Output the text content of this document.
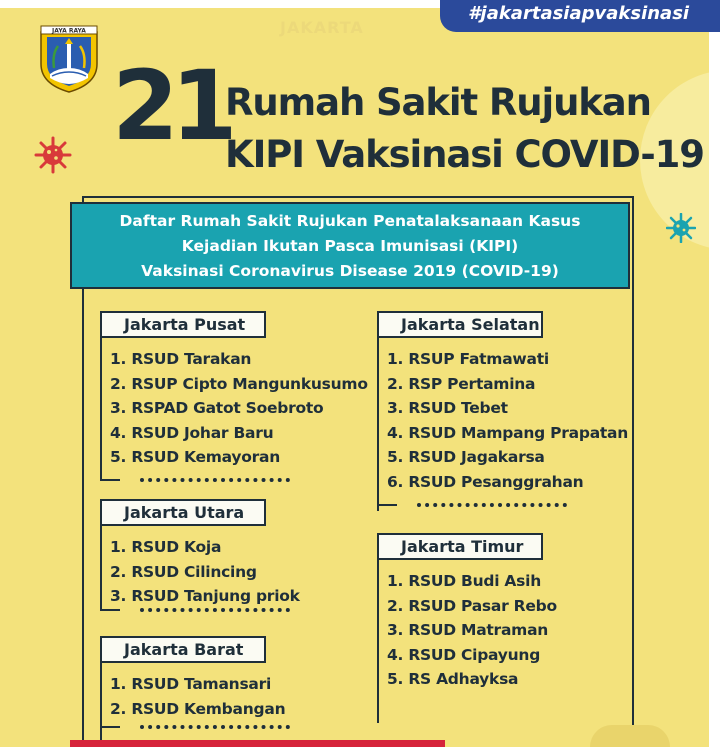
JAKARTA
#jakartasiapvaksinasi
JAYA RAYA
21
Rumah Sakit Rujukan
KIPI Vaksinasi COVID-19
Daftar Rumah Sakit Rujukan Penatalaksanaan Kasus
Kejadian Ikutan Pasca Imunisasi (KIPI)
Vaksinasi Coronavirus Disease 2019 (COVID-19)
Jakarta Pusat
1. RSUD Tarakan
2. RSUP Cipto Mangunkusumo
3. RSPAD Gatot Soebroto
4. RSUD Johar Baru
5. RSUD Kemayoran
Jakarta Utara
1. RSUD Koja
2. RSUD Cilincing
3. RSUD Tanjung priok
Jakarta Barat
1. RSUD Tamansari
2. RSUD Kembangan
Jakarta Selatan
1. RSUP Fatmawati
2. RSP Pertamina
3. RSUD Tebet
4. RSUD Mampang Prapatan
5. RSUD Jagakarsa
6. RSUD Pesanggrahan
Jakarta Timur
1. RSUD Budi Asih
2. RSUD Pasar Rebo
3. RSUD Matraman
4. RSUD Cipayung
5. RS Adhayksa
